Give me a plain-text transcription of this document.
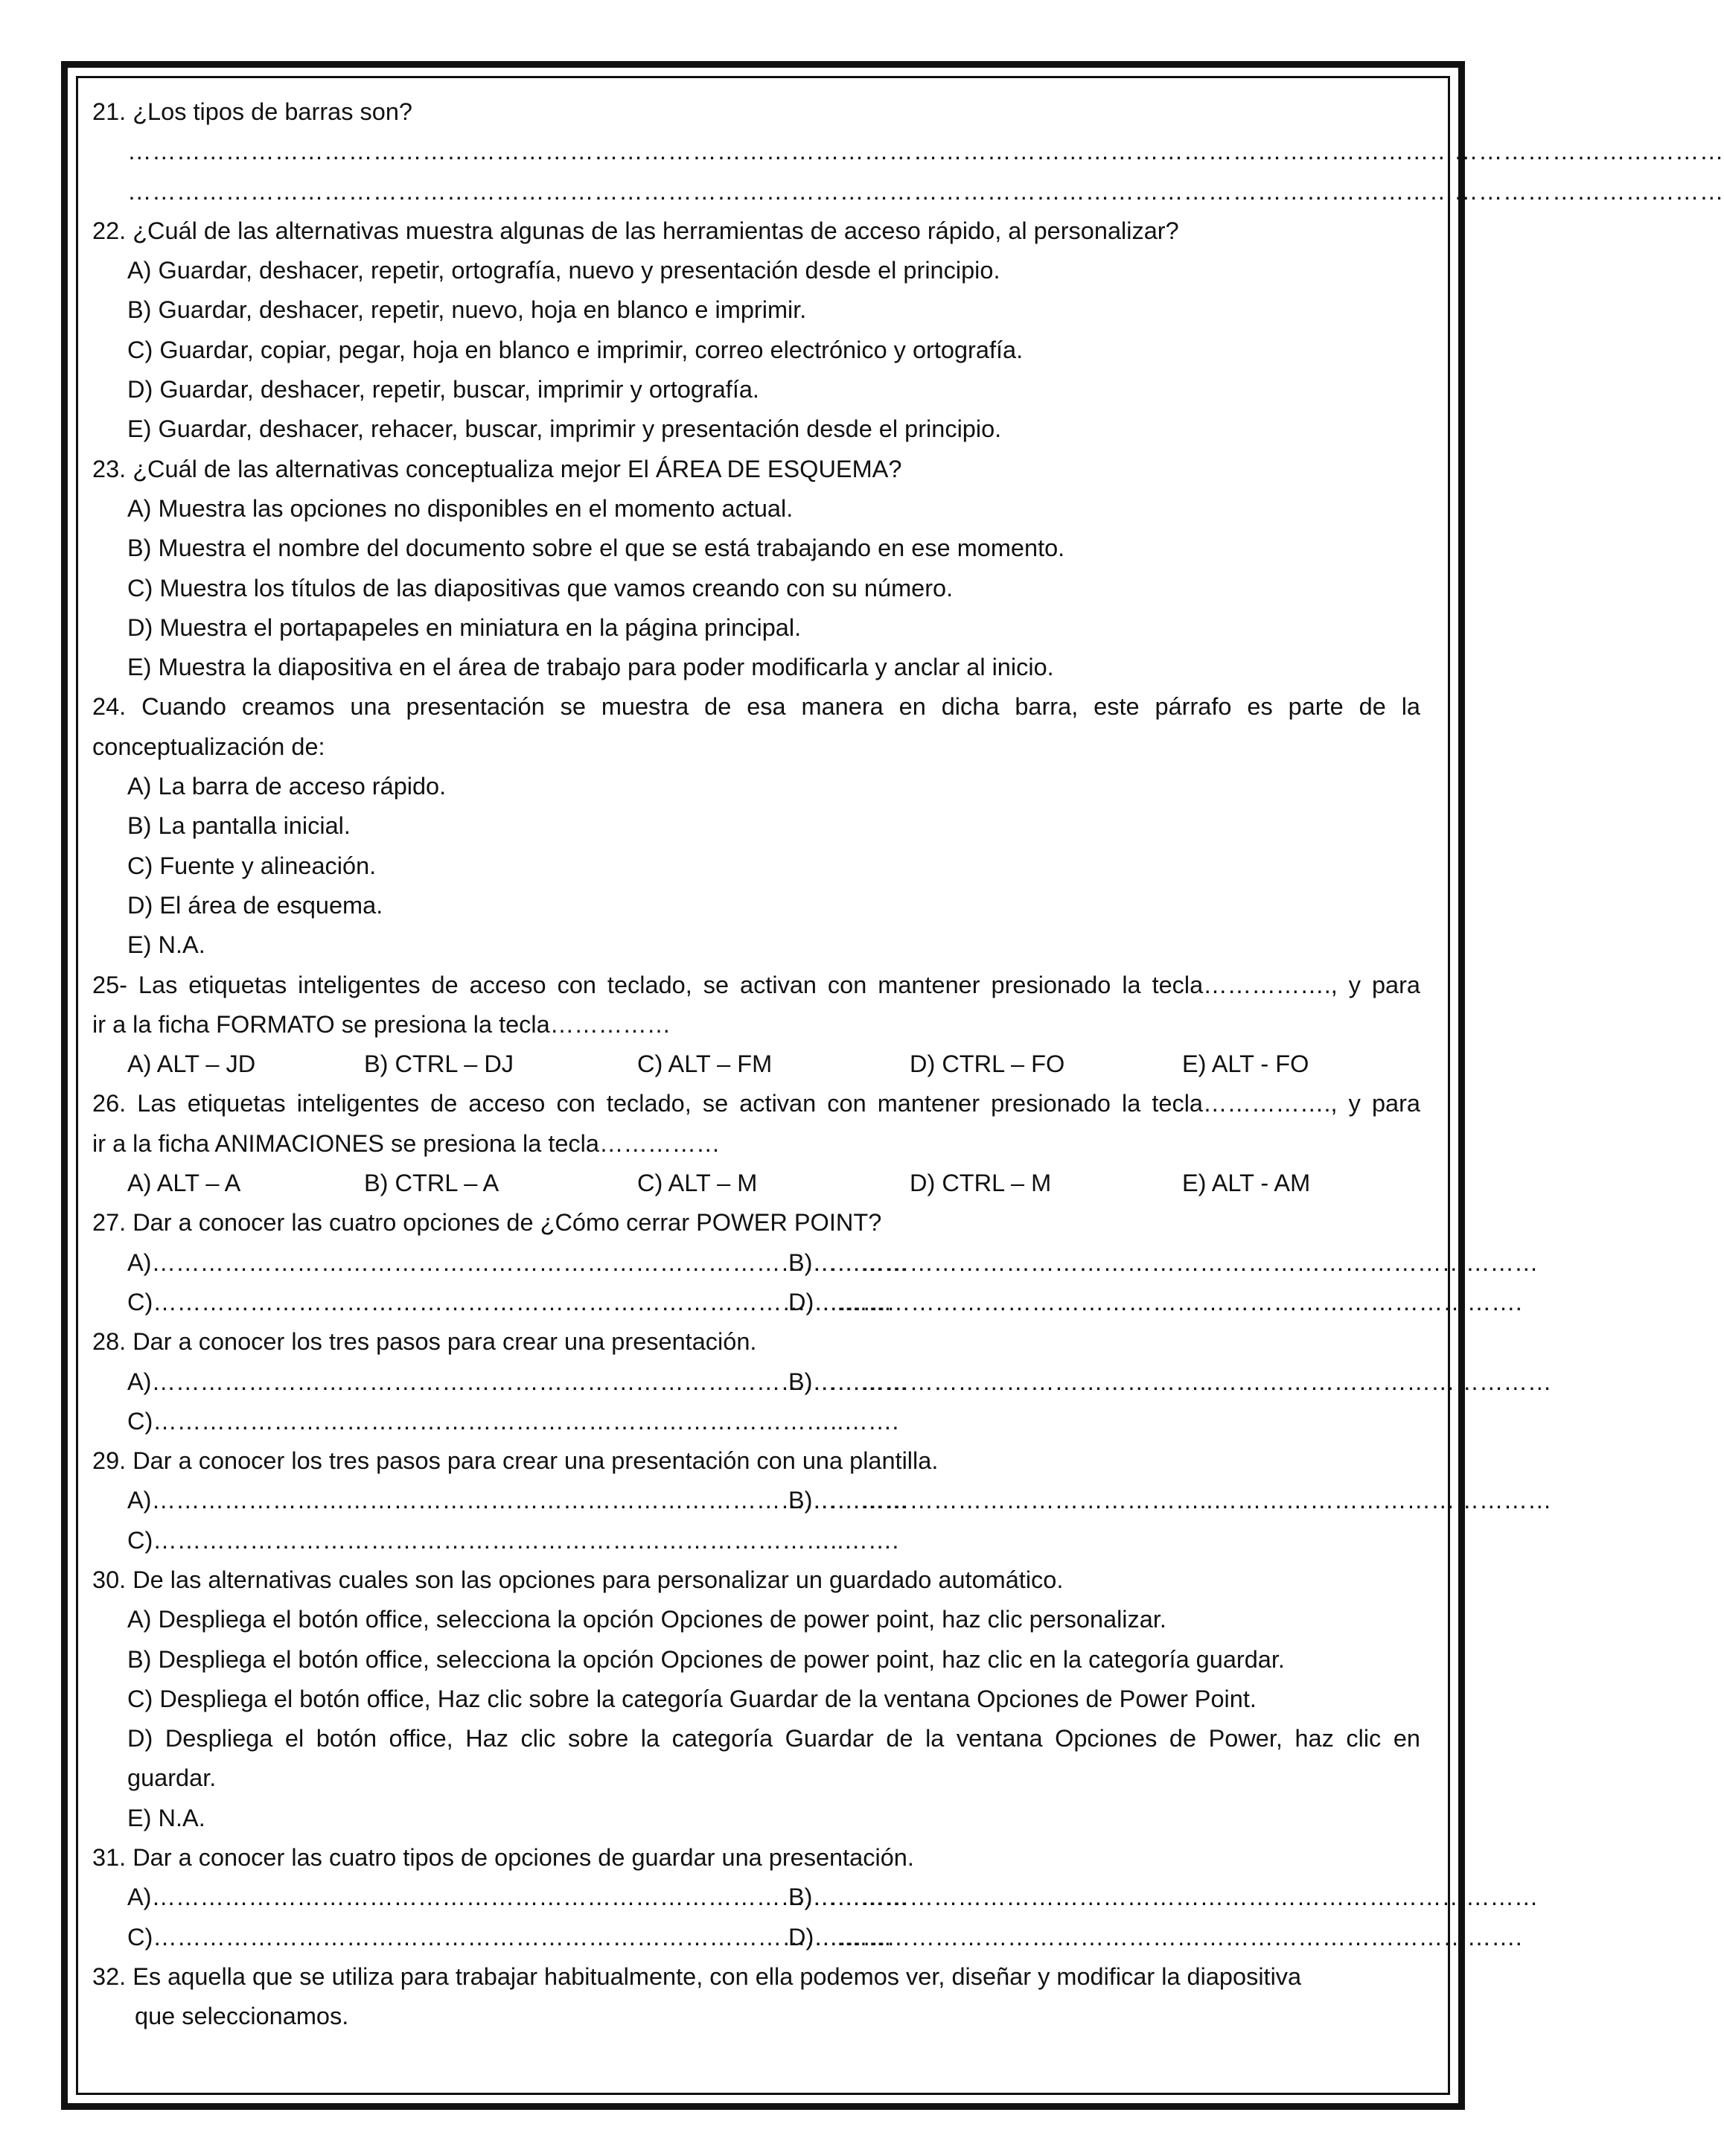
21. ¿Los tipos de barras son?
……………………………………………………………………………………………………………………………………………………………………………
……………………………………………………………………………………………………………………………………………………………………………
22. ¿Cuál de las alternativas muestra algunas de las herramientas de acceso rápido, al personalizar?
A) Guardar, deshacer, repetir, ortografía, nuevo y presentación desde el principio.
B) Guardar, deshacer, repetir, nuevo, hoja en blanco e imprimir.
C) Guardar, copiar, pegar, hoja en blanco e imprimir, correo electrónico y ortografía.
D) Guardar, deshacer, repetir, buscar, imprimir y ortografía.
E) Guardar, deshacer, rehacer, buscar, imprimir y presentación desde el principio.
23. ¿Cuál de las alternativas conceptualiza mejor El ÁREA DE ESQUEMA?
A) Muestra las opciones no disponibles en el momento actual.
B) Muestra el nombre del documento sobre el que se está trabajando en ese momento.
C) Muestra los títulos de las diapositivas que vamos creando con su número.
D) Muestra el portapapeles en miniatura en la página principal.
E) Muestra la diapositiva en el área de trabajo para poder modificarla y anclar al inicio.
24. Cuando creamos una presentación se muestra de esa manera en dicha barra, este párrafo es parte de la
conceptualización de:
A) La barra de acceso rápido.
B) La pantalla inicial.
C) Fuente y alineación.
D) El área de esquema.
E) N.A.
25- Las etiquetas inteligentes de acceso con teclado, se activan con mantener presionado la tecla……………., y para
ir a la ficha FORMATO se presiona la tecla……………
A) ALT – JD	B) CTRL – DJ	C) ALT – FM	D) CTRL – FO	E) ALT - FO
26. Las etiquetas inteligentes de acceso con teclado, se activan con mantener presionado la tecla……………., y para
ir a la ficha ANIMACIONES se presiona la tecla……………
A) ALT – A	B) CTRL – A	C) ALT – M	D) CTRL – M	E) ALT - AM
27. Dar a conocer las cuatro opciones de ¿Cómo cerrar POWER POINT?
A)…………………………………………………………………………….……
B)………………………………………………………………………………
C)…………………………………………………………………………..……
D)…………………………………………………………………………….
28. Dar a conocer los tres pasos para crear una presentación.
A)…………………………………………………………………………….……
B)…………………………………………..……………………………………
C)…………………………………………………………………………..…….
29. Dar a conocer los tres pasos para crear una presentación con una plantilla.
A)…………………………………………………………………………….……
B)…………………………………………..……………………………………
C)…………………………………………………………………………..…….
30. De las alternativas cuales son las opciones para personalizar un guardado automático.
A) Despliega el botón office, selecciona la opción Opciones de power point, haz clic personalizar.
B) Despliega el botón office, selecciona la opción Opciones de power point, haz clic en la categoría guardar.
C) Despliega el botón office, Haz clic sobre la categoría Guardar de la ventana Opciones de Power Point.
D) Despliega el botón office, Haz clic sobre la categoría Guardar de la ventana Opciones de Power, haz clic en
guardar.
E) N.A.
31. Dar a conocer las cuatro tipos de opciones de guardar una presentación.
A)…………………………………………………………………………….……
B)………………………………………………………………………………
C)…………………………………………………………………………..……
D)…………………………………………………………………………….
32. Es aquella que se utiliza para trabajar habitualmente, con ella podemos ver, diseñar y modificar la diapositiva
que seleccionamos.
